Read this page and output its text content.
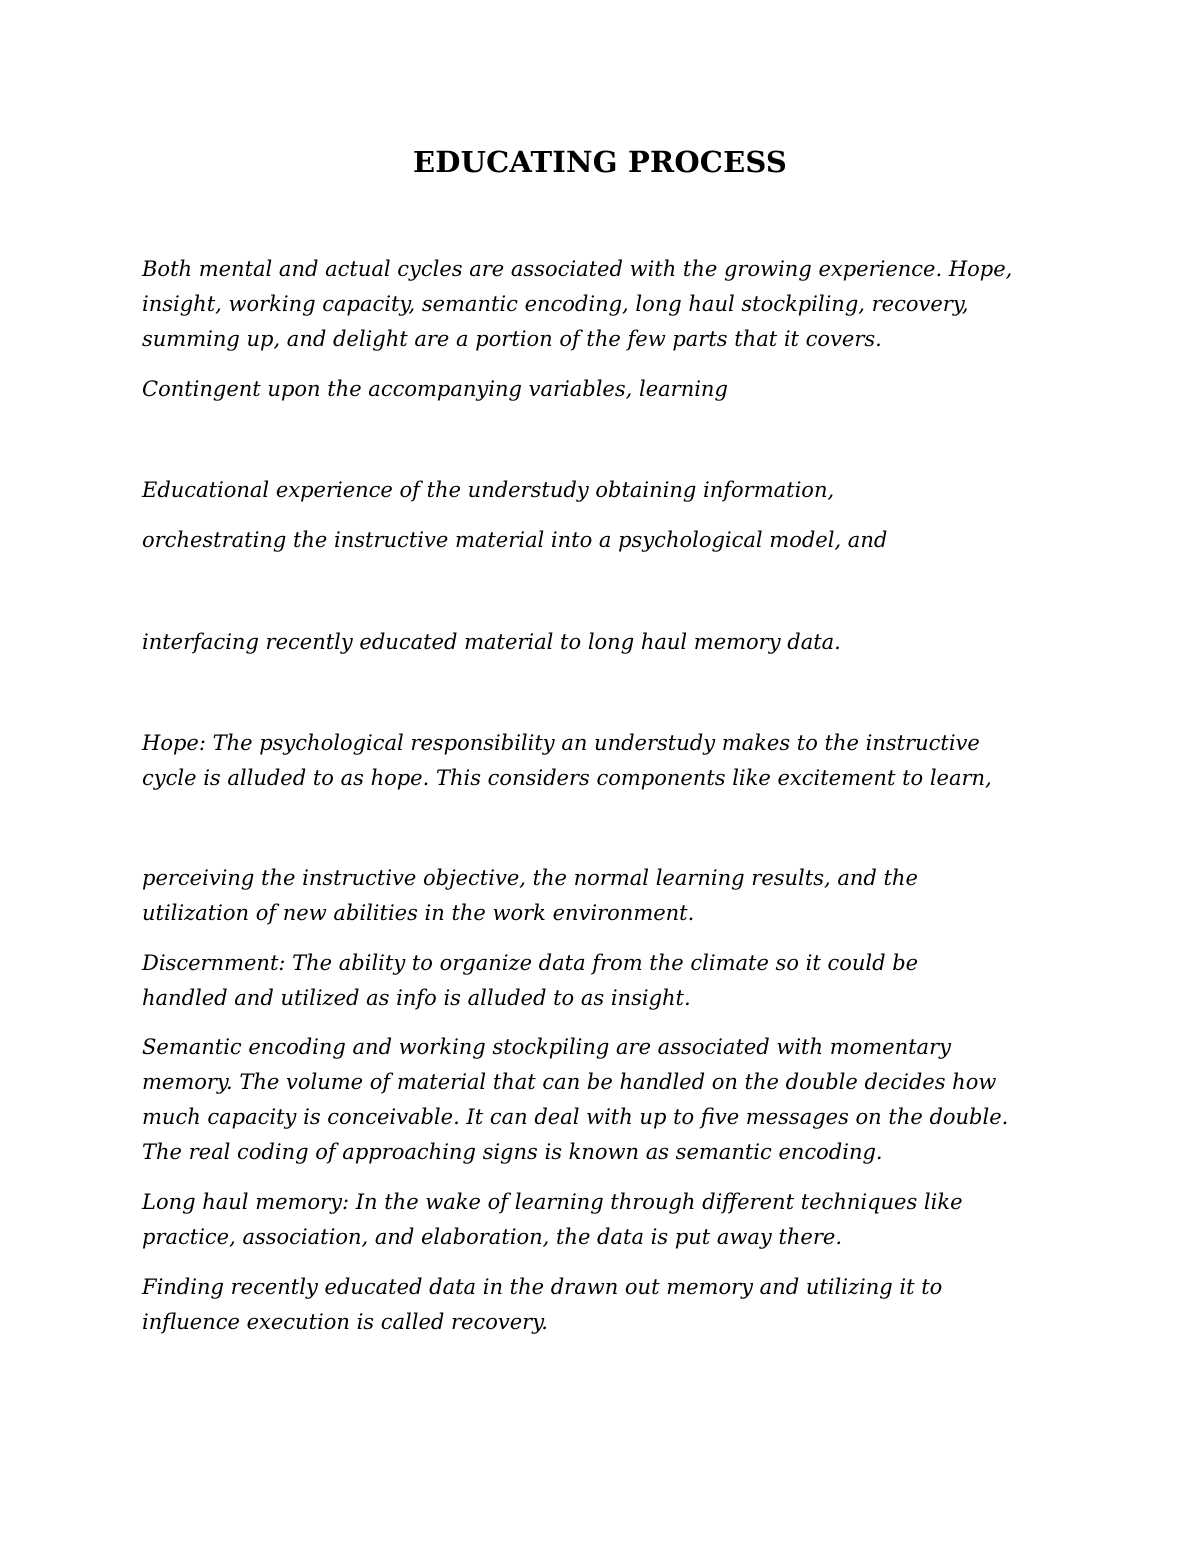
EDUCATING PROCESS
Both mental and actual cycles are associated with the growing experience. Hope,
insight, working capacity, semantic encoding, long haul stockpiling, recovery,
summing up, and delight are a portion of the few parts that it covers.
Contingent upon the accompanying variables, learning
Educational experience of the understudy obtaining information,
orchestrating the instructive material into a psychological model, and
interfacing recently educated material to long haul memory data.
Hope: The psychological responsibility an understudy makes to the instructive
cycle is alluded to as hope. This considers components like excitement to learn,
perceiving the instructive objective, the normal learning results, and the
utilization of new abilities in the work environment.
Discernment: The ability to organize data from the climate so it could be
handled and utilized as info is alluded to as insight.
Semantic encoding and working stockpiling are associated with momentary
memory. The volume of material that can be handled on the double decides how
much capacity is conceivable. It can deal with up to five messages on the double.
The real coding of approaching signs is known as semantic encoding.
Long haul memory: In the wake of learning through different techniques like
practice, association, and elaboration, the data is put away there.
Finding recently educated data in the drawn out memory and utilizing it to
influence execution is called recovery.
